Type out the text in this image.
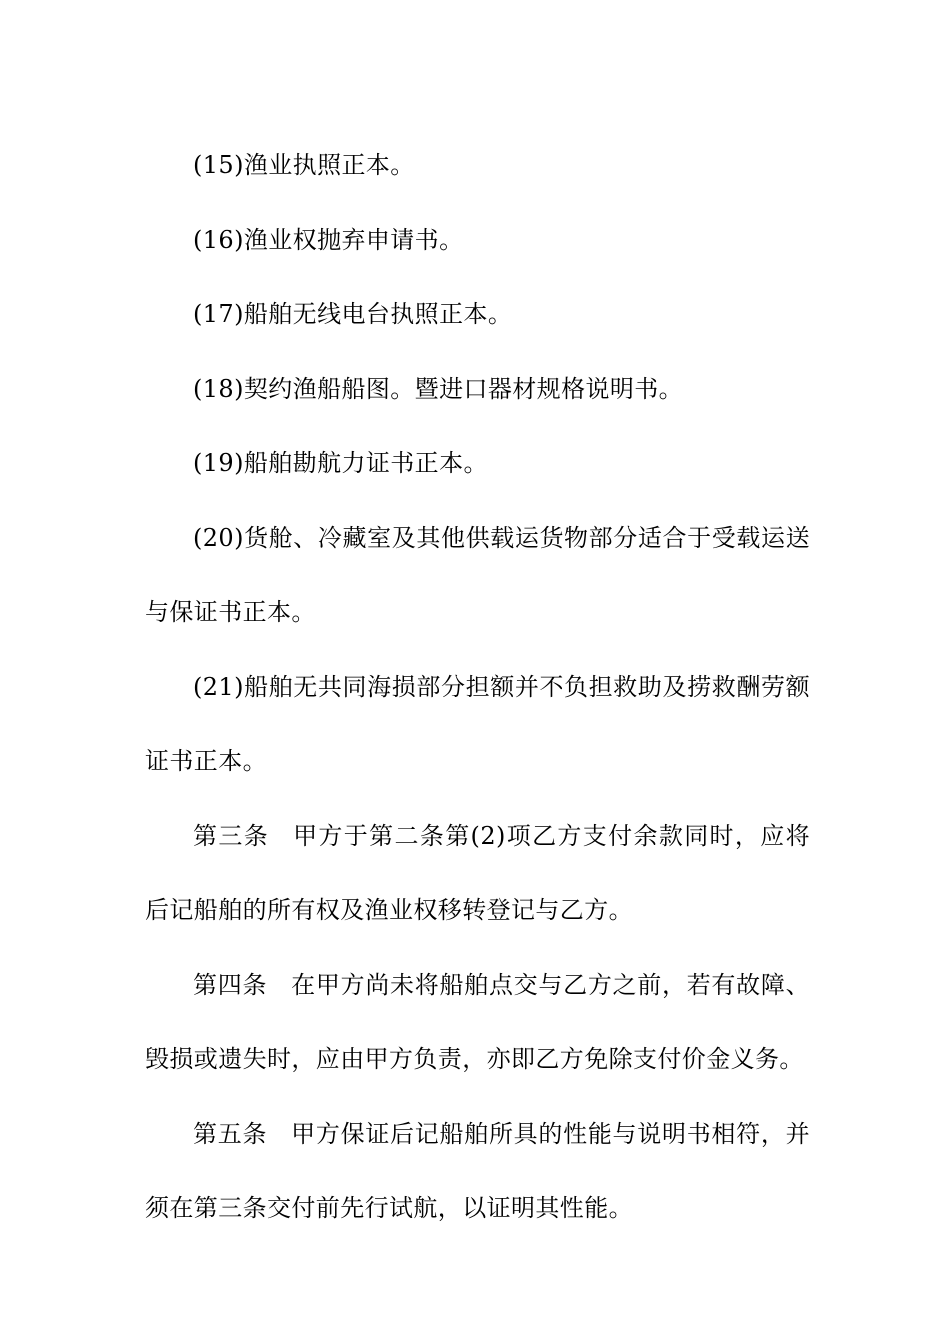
(15)渔业执照正本。

(16)渔业权抛弃申请书。

(17)船舶无线电台执照正本。

(18)契约渔船船图。暨进口器材规格说明书。

(19)船舶勘航力证书正本。

(20)货舱、冷藏室及其他供载运货物部分适合于受载运送与保证书正本。

(21)船舶无共同海损部分担额并不负担救助及捞救酬劳额证书正本。

第三条 甲方于第二条第(2)项乙方支付余款同时，应将后记船舶的所有权及渔业权移转登记与乙方。

第四条 在甲方尚未将船舶点交与乙方之前，若有故障、毁损或遗失时，应由甲方负责，亦即乙方免除支付价金义务。

第五条 甲方保证后记船舶所具的性能与说明书相符，并须在第三条交付前先行试航，以证明其性能。
